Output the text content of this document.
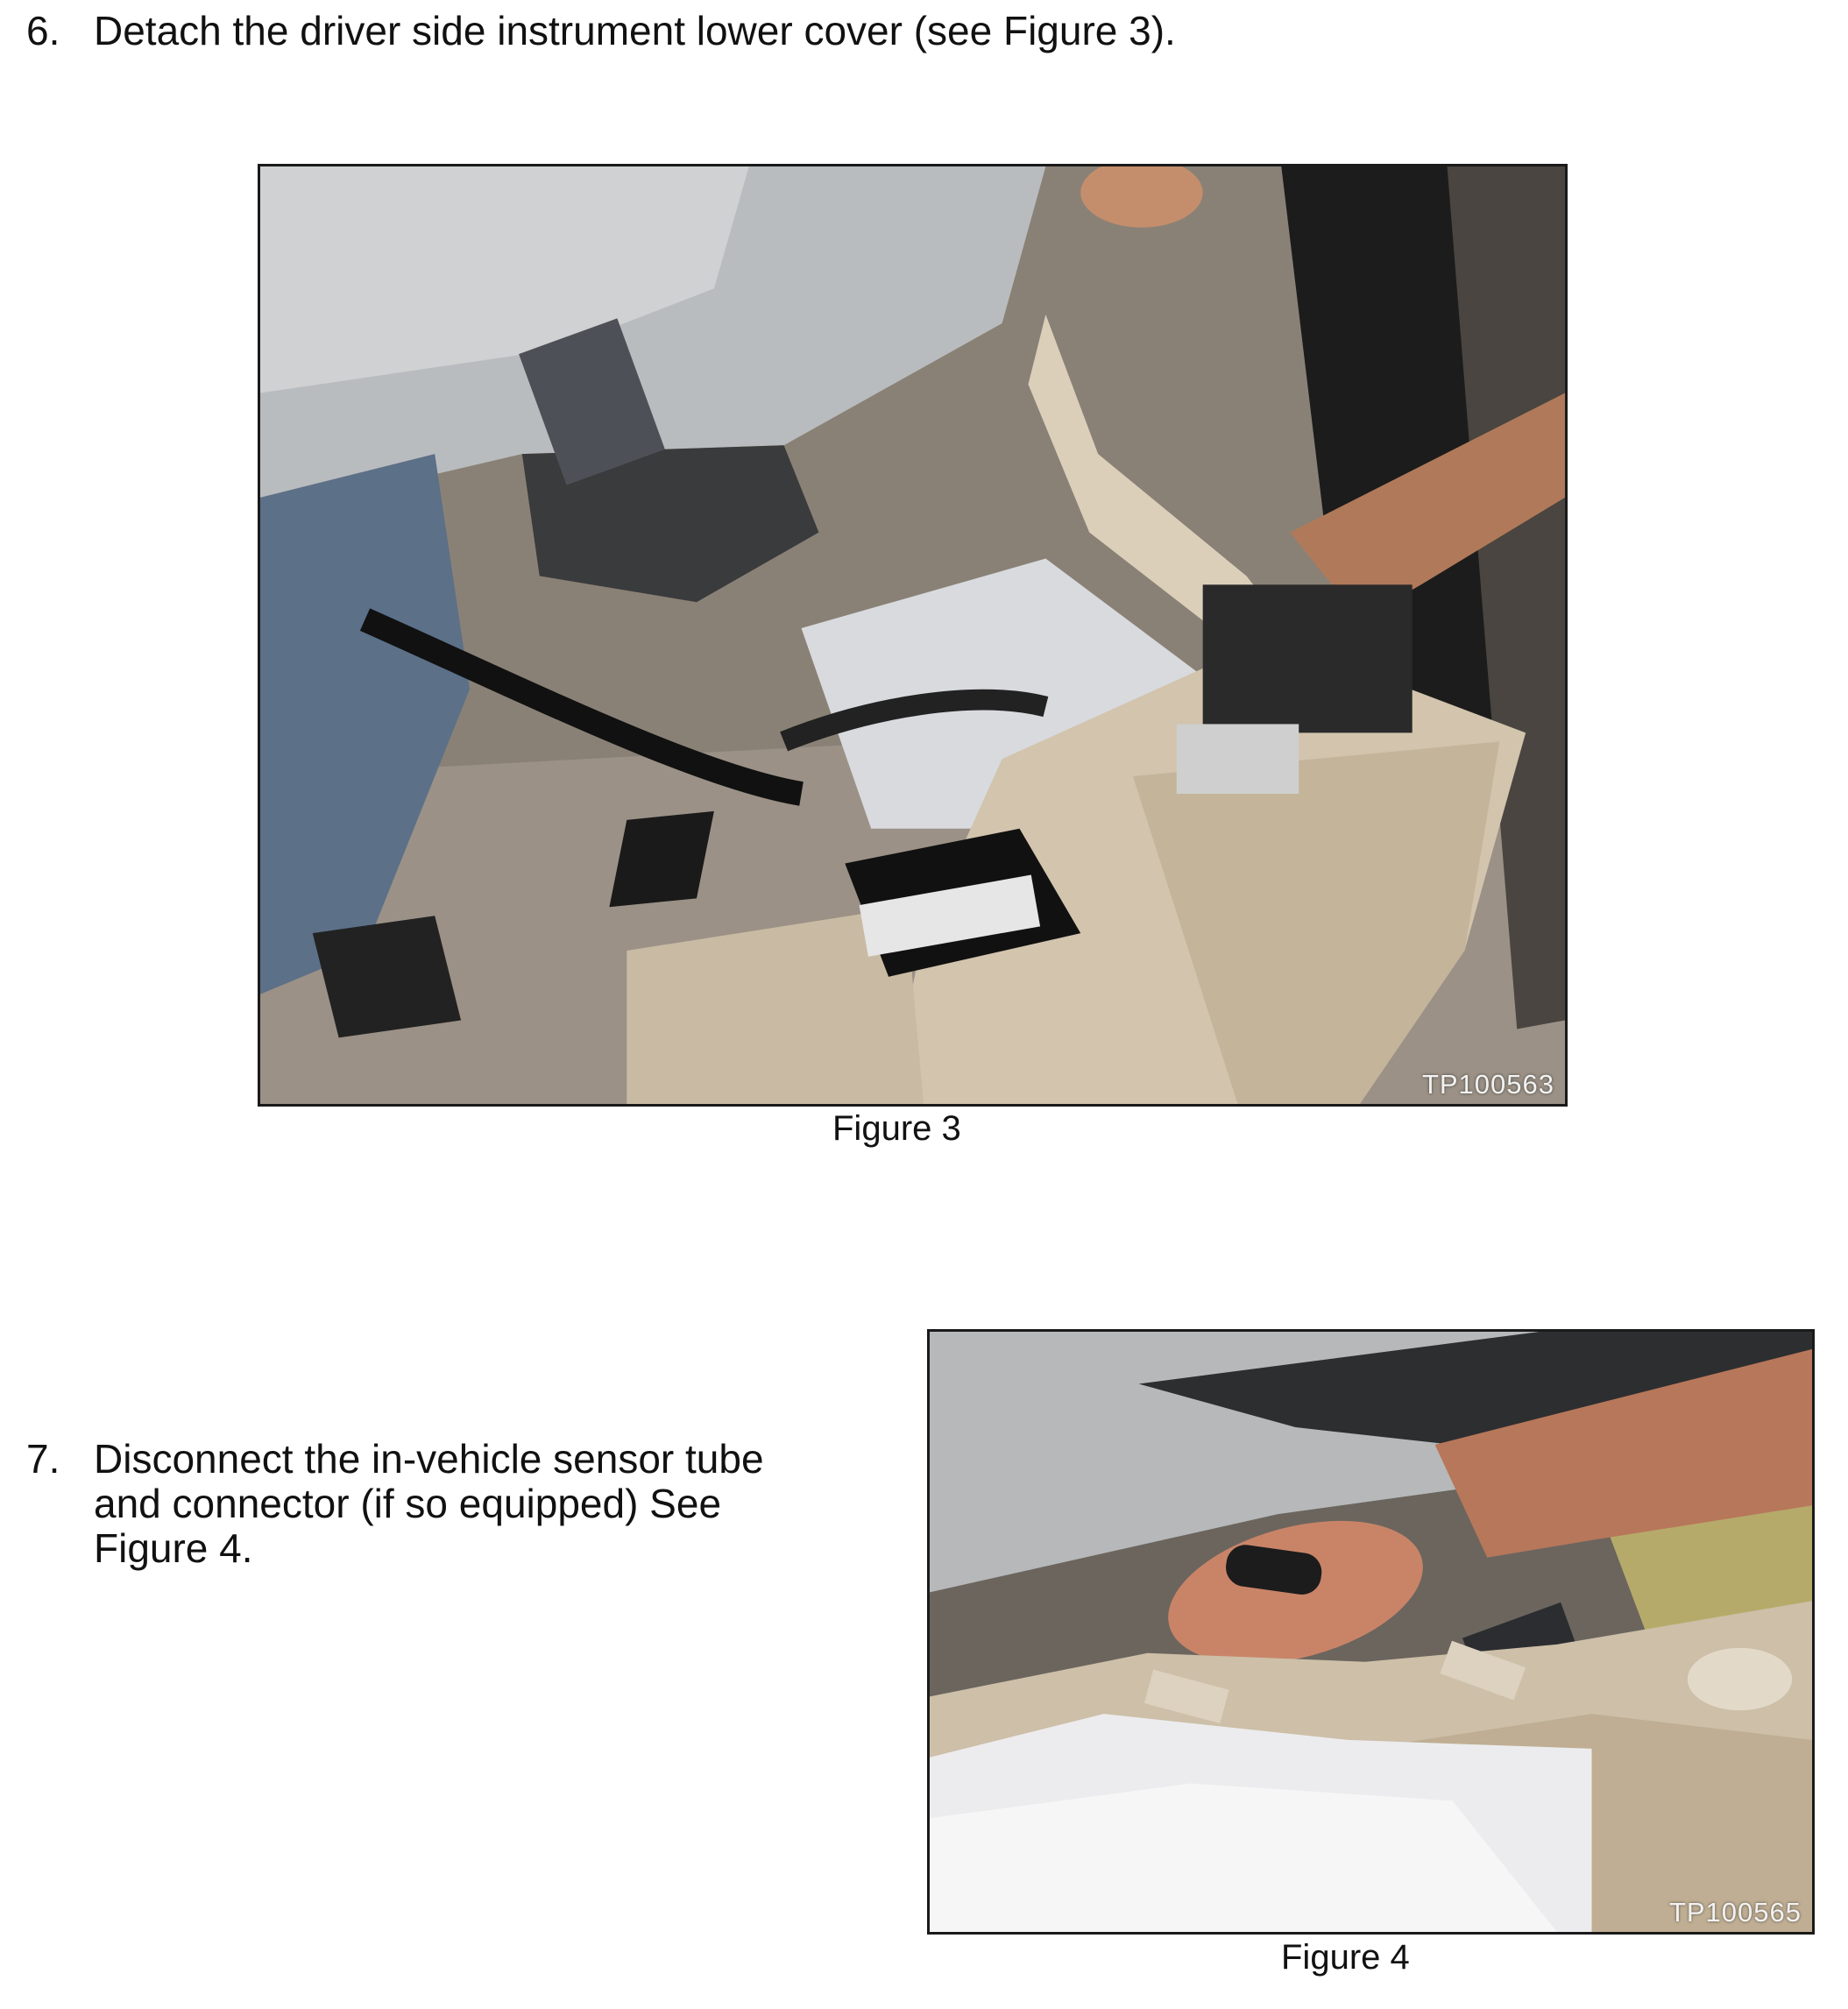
6. Detach the driver side instrument lower cover (see Figure 3).
TP100563
Figure 3
7. Disconnect the in-vehicle sensor tube
and connector (if so equipped) See
Figure 4.
TP100565
Figure 4
